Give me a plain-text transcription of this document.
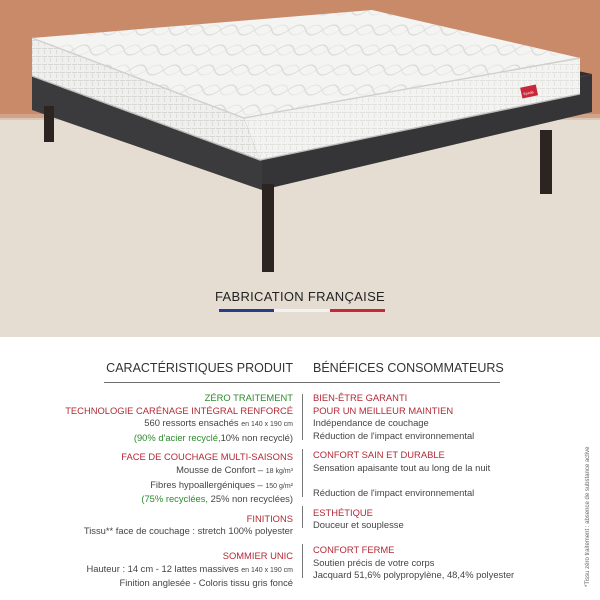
Epeda
FABRICATION FRANÇAISE
CARACTÉRISTIQUES PRODUIT BÉNÉFICES CONSOMMATEURS
ZÉRO TRAITEMENT
TECHNOLOGIE CARÉNAGE INTÉGRAL RENFORCÉ
560 ressorts ensachés en 140 x 190 cm
(90% d'acier recyclé,10% non recyclé)
FACE DE COUCHAGE MULTI-SAISONS
Mousse de Confort – 18 kg/m³
Fibres hypoallergéniques – 150 g/m²
(75% recyclées, 25% non recyclées)
FINITIONS
Tissu** face de couchage : stretch 100% polyester
SOMMIER UNIC
Hauteur : 14 cm - 12 lattes massives en 140 x 190 cm
Finition anglesée - Coloris tissu gris foncé
BIEN-ÊTRE GARANTI
POUR UN MEILLEUR MAINTIEN
Indépendance de couchage
Réduction de l'impact environnemental
CONFORT SAIN ET DURABLE
Sensation apaisante tout au long de la nuit

Réduction de l'impact environnemental
ESTHÉTIQUE
Douceur et souplesse
CONFORT FERME
Soutien précis de votre corps
Jacquard 51,6% polypropylène, 48,4% polyester	*Tissu zéro traitement : absence de substance active
